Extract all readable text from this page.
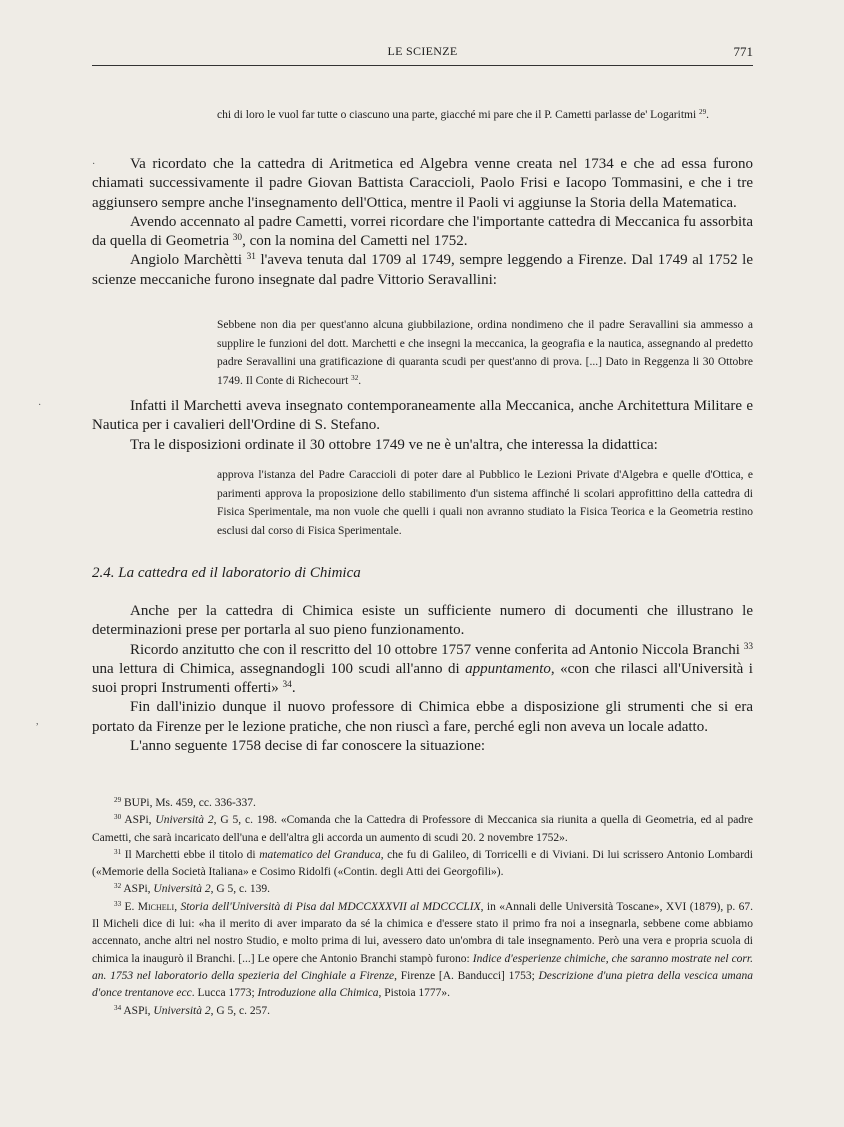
LE SCIENZE	771

chi di loro le vuol far tutte o ciascuno una parte, giacché mi pare che il P. Cametti parlasse de' Logaritmi $^{29}$.

Va ricordato che la cattedra di Aritmetica ed Algebra venne creata nel 1734 e che ad essa furono chiamati successivamente il padre Giovan Battista Caraccioli, Paolo Frisi e Iacopo Tommasini, e che i tre aggiunsero sempre anche l'insegnamento dell'Ottica, mentre il Paoli vi aggiunse la Storia della Matematica.

Avendo accennato al padre Cametti, vorrei ricordare che l'importante cattedra di Meccanica fu assorbita da quella di Geometria $^{30}$, con la nomina del Cametti nel 1752.

Angiolo Marchètti $^{31}$ l'aveva tenuta dal 1709 al 1749, sempre leggendo a Firenze. Dal 1749 al 1752 le scienze meccaniche furono insegnate dal padre Vittorio Seravallini:

Sebbene non dia per quest'anno alcuna giubbilazione, ordina nondimeno che il padre Seravallini sia ammesso a supplire le funzioni del dott. Marchetti e che insegni la meccanica, la geografia e la nautica, assegnando al predetto padre Seravallini una gratificazione di quaranta scudi per quest'anno di prova. [...] Dato in Reggenza li 30 Ottobre 1749. Il Conte di Richecourt $^{32}$.

Infatti il Marchetti aveva insegnato contemporaneamente alla Meccanica, anche Architettura Militare e Nautica per i cavalieri dell'Ordine di S. Stefano.

Tra le disposizioni ordinate il 30 ottobre 1749 ve ne è un'altra, che interessa la didattica:

approva l'istanza del Padre Caraccioli di poter dare al Pubblico le Lezioni Private d'Algebra e quelle d'Ottica, e parimenti approva la proposizione dello stabilimento d'un sistema affinché li scolari approfittino della cattedra di Fisica Sperimentale, ma non vuole che quelli i quali non avranno studiato la Fisica Teorica e la Geometria restino esclusi dal corso di Fisica Sperimentale.

2.4. La cattedra ed il laboratorio di Chimica

Anche per la cattedra di Chimica esiste un sufficiente numero di documenti che illustrano le determinazioni prese per portarla al suo pieno funzionamento.

Ricordo anzitutto che con il rescritto del 10 ottobre 1757 venne conferita ad Antonio Niccola Branchi $^{33}$ una lettura di Chimica, assegnandogli 100 scudi all'anno di appuntamento, «con che rilasci all'Università i suoi propri Instrumenti offerti» $^{34}$.

Fin dall'inizio dunque il nuovo professore di Chimica ebbe a disposizione gli strumenti che si era portato da Firenze per le lezione pratiche, che non riuscì a fare, perché egli non aveva un locale adatto.

L'anno seguente 1758 decise di far conoscere la situazione:

$^{29}$ BUPi, Ms. 459, cc. 336-337.

$^{30}$ ASPi, Università 2, G 5, c. 198. «Comanda che la Cattedra di Professore di Meccanica sia riunita a quella di Geometria, ed al padre Cametti, che sarà incaricato dell'una e dell'altra gli accorda un aumento di scudi 20. 2 novembre 1752».

$^{31}$ Il Marchetti ebbe il titolo di matematico del Granduca, che fu di Galileo, di Torricelli e di Viviani. Di lui scrissero Antonio Lombardi («Memorie della Società Italiana» e Cosimo Ridolfi («Contin. degli Atti dei Georgofili»).

$^{32}$ ASPi, Università 2, G 5, c. 139.

$^{33}$ E. Micheli, Storia dell'Università di Pisa dal MDCCXXXVII al MDCCCLIX, in «Annali delle Università Toscane», XVI (1879), p. 67. Il Micheli dice di lui: «ha il merito di aver imparato da sé la chimica e d'essere stato il primo fra noi a insegnarla, sebbene come abbiamo accennato, anche altri nel nostro Studio, e molto prima di lui, avessero dato un'ombra di tale insegnamento. Però una vera e propria scuola di chimica la inaugurò il Branchi. [...] Le opere che Antonio Branchi stampò furono: Indice d'esperienze chimiche, che saranno mostrate nel corr. an. 1753 nel laboratorio della spezieria del Cinghiale a Firenze, Firenze [A. Banducci] 1753; Descrizione d'una pietra della vescica umana d'once trentanove ecc. Lucca 1773; Introduzione alla Chimica, Pistoia 1777».

$^{34}$ ASPi, Università 2, G 5, c. 257.

·
·
,
